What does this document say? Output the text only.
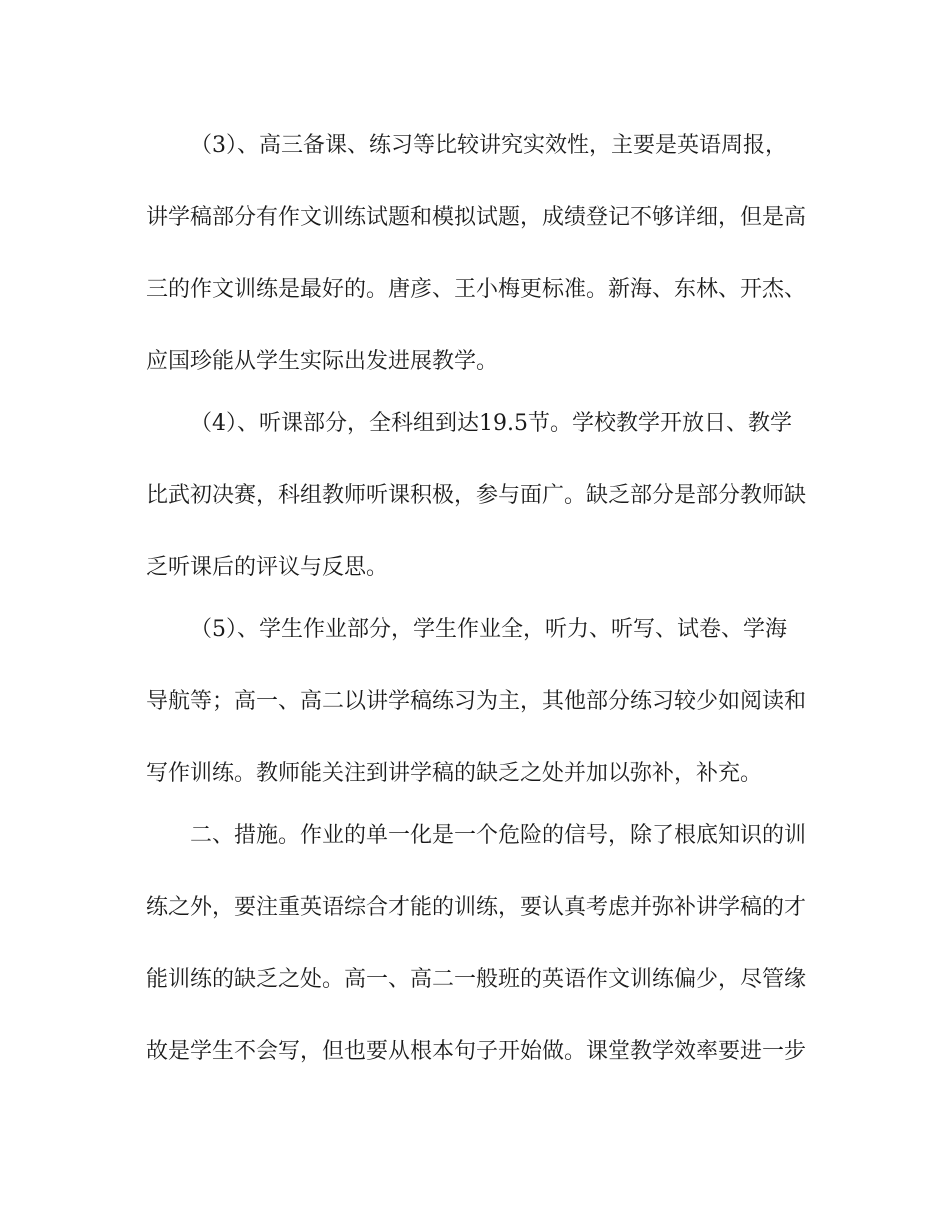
（3）、高三备课、练习等比较讲究实效性，主要是英语周报，
讲学稿部分有作文训练试题和模拟试题，成绩登记不够详细，但是高
三的作文训练是最好的。唐彦、王小梅更标准。新海、东林、开杰、
应国珍能从学生实际出发进展教学。
（4）、听课部分，全科组到达19.5节。学校教学开放日、教学
比武初决赛，科组教师听课积极，参与面广。缺乏部分是部分教师缺
乏听课后的评议与反思。
（5）、学生作业部分，学生作业全，听力、听写、试卷、学海
导航等；高一、高二以讲学稿练习为主，其他部分练习较少如阅读和
写作训练。教师能关注到讲学稿的缺乏之处并加以弥补，补充。
二、措施。作业的单一化是一个危险的信号，除了根底知识的训
练之外，要注重英语综合才能的训练，要认真考虑并弥补讲学稿的才
能训练的缺乏之处。高一、高二一般班的英语作文训练偏少，尽管缘
故是学生不会写，但也要从根本句子开始做。课堂教学效率要进一步
